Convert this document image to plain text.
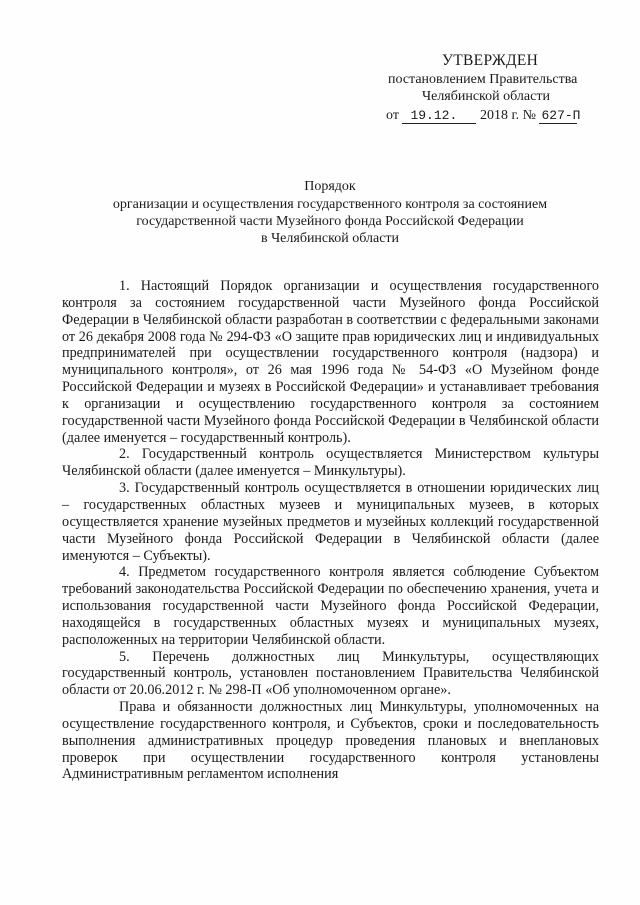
УТВЕРЖДЕН
постановлением Правительства
Челябинской области
от 19.12. 2018 г. № 627-П
Порядок
организации и осуществления государственного контроля за состоянием
государственной части Музейного фонда Российской Федерации
в Челябинской области

1. Настоящий Порядок организации и осуществления государственного контроля за состоянием государственной части Музейного фонда Российской Федерации в Челябинской области разработан в соответствии с федеральными законами от 26 декабря 2008 года № 294-ФЗ «О защите прав юридических лиц и индивидуальных предпринимателей при осуществлении государственного контроля (надзора) и муниципального контроля», от 26 мая 1996 года № 54-ФЗ «О Музейном фонде Российской Федерации и музеях в Российской Федерации» и устанавливает требования к организации и осуществлению государственного контроля за состоянием государственной части Музейного фонда Российской Федерации в Челябинской области (далее именуется – государственный контроль).

2. Государственный контроль осуществляется Министерством культуры Челябинской области (далее именуется – Минкультуры).

3. Государственный контроль осуществляется в отношении юридических лиц – государственных областных музеев и муниципальных музеев, в которых осуществляется хранение музейных предметов и музейных коллекций государственной части Музейного фонда Российской Федерации в Челябинской области (далее именуются – Субъекты).

4. Предметом государственного контроля является соблюдение Субъектом требований законодательства Российской Федерации по обеспечению хранения, учета и использования государственной части Музейного фонда Российской Федерации, находящейся в государственных областных музеях и муниципальных музеях, расположенных на территории Челябинской области.

5. Перечень должностных лиц Минкультуры, осуществляющих государственный контроль, установлен постановлением Правительства Челябинской области от 20.06.2012 г. № 298-П «Об уполномоченном органе».

Права и обязанности должностных лиц Минкультуры, уполномоченных на осуществление государственного контроля, и Субъектов, сроки и последовательность выполнения административных процедур проведения плановых и внеплановых проверок при осуществлении государственного контроля установлены Административным регламентом исполнения
